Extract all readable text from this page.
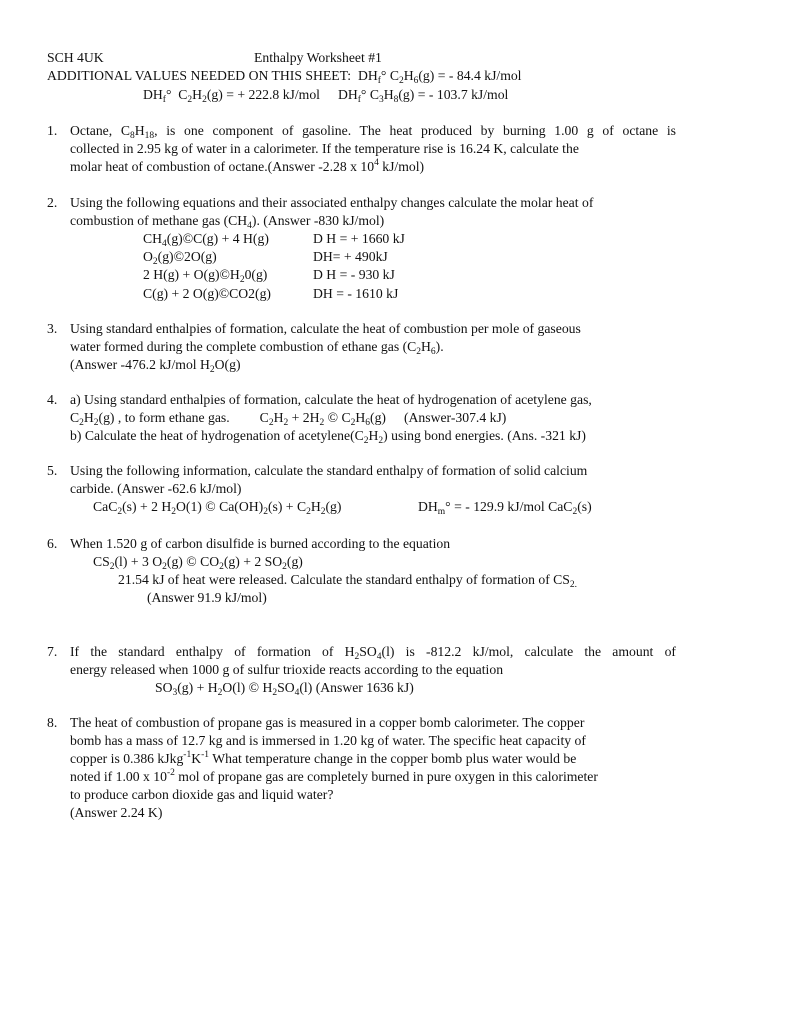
SCH 4UK	Enthalpy Worksheet #1
ADDITIONAL VALUES NEEDED ON THIS SHEET: $DH_f^\circ$ $C_2H_6(g)$ = - 84.4 kJ/mol
$DH_f^\circ$ $C_2H_2(g)$ = + 222.8 kJ/mol $DH_f^\circ$ $C_3H_8(g)$ = - 103.7 kJ/mol
1. Octane, $C_8H_{18}$, is one component of gasoline. The heat produced by burning 1.00 g of octane is
collected in 2.95 kg of water in a calorimeter. If the temperature rise is 16.24 K, calculate the
molar heat of combustion of octane.(Answer -2.28 x $10^4$ kJ/mol)
2. Using the following equations and their associated enthalpy changes calculate the molar heat of
combustion of methane gas $(CH_4)$. (Answer -830 kJ/mol)
$CH_4(g)©C(g) + 4$ H(g)	D H = + 1660 kJ
$O_2(g)©2O(g)$	DH= + 490kJ
2 $H(g) + O(g)©H_20(g)$	D H = - 930 kJ
C(g) + 2 O(g)©CO2(g)	DH = - 1610 kJ
3. Using standard enthalpies of formation, calculate the heat of combustion per mole of gaseous
water formed during the complete combustion of ethane gas $(C_2H_6)$.
(Answer -476.2 kJ/mol $H_2O(g)$
4. a) Using standard enthalpies of formation, calculate the heat of hydrogenation of acetylene gas,
$C_2H_2(g)$ , to form ethane gas. $C_2H_2 + 2H_2$ © $C_2H_6(g)$ (Answer-307.4 kJ)
b) Calculate the heat of hydrogenation of $acetylene(C_2H_2)$ using bond energies. (Ans. -321 kJ)
5. Using the following information, calculate the standard enthalpy of formation of solid calcium
carbide. (Answer -62.6 kJ/mol)
CaC$_2$(s) + 2 $H_2O(1)$ © $Ca(OH)_2(s) + C_2H_2(g)$	$DH_m^\circ$ = - 129.9 kJ/mol CaC$_2$(s)
6. When 1.520 g of carbon disulfide is burned according to the equation
$CS_2(l) + 3$ $O_2(g)$ © $CO_2(g) + 2$ $SO_2(g)$
21.54 kJ of heat were released. Calculate the standard enthalpy of formation of $CS_{2.}$
(Answer 91.9 kJ/mol)
7. If the standard enthalpy of formation of $H_2SO_4(l)$ is -812.2 kJ/mol, calculate the amount of
energy released when 1000 g of sulfur trioxide reacts according to the equation
$SO_3(g) + H_2O(l)$ © $H_2SO_4(l)$ (Answer 1636 kJ)
8. The heat of combustion of propane gas is measured in a copper bomb calorimeter. The copper
bomb has a mass of 12.7 kg and is immersed in 1.20 kg of water. The specific heat capacity of
copper is 0.386 $kJkg^{-1}K^{-1}$ What temperature change in the copper bomb plus water would be
noted if 1.00 x $10^{-2}$ mol of propane gas are completely burned in pure oxygen in this calorimeter
to produce carbon dioxide gas and liquid water?
(Answer 2.24 K)
